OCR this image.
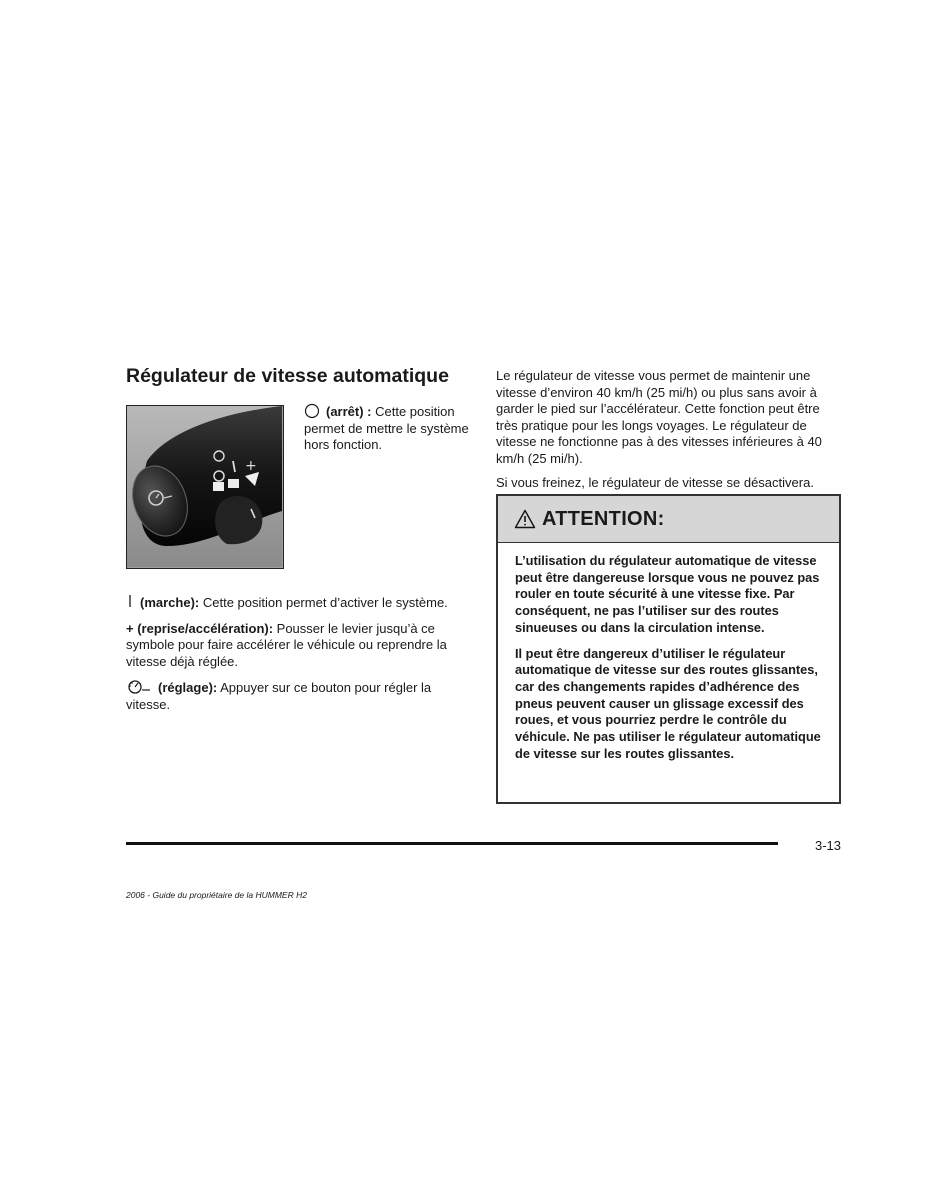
Régulateur de vitesse automatique
+

(arrêt) : Cette position permet de mettre le système hors fonction.

(marche): Cette position permet d’activer le système.

+ (reprise/accélération): Pousser le levier jusqu’à ce symbole pour faire accélérer le véhicule ou reprendre la vitesse déjà réglée.

(réglage): Appuyer sur ce bouton pour régler la vitesse.

Le régulateur de vitesse vous permet de maintenir une vitesse d’environ 40 km/h (25 mi/h) ou plus sans avoir à garder le pied sur l’accélérateur. Cette fonction peut être très pratique pour les longs voyages. Le régulateur de vitesse ne fonctionne pas à des vitesses inférieures à 40 km/h (25 mi/h).

Si vous freinez, le régulateur de vitesse se désactivera.

ATTENTION:

L’utilisation du régulateur automatique de vitesse peut être dangereuse lorsque vous ne pouvez pas rouler en toute sécurité à une vitesse fixe. Par conséquent, ne pas l’utiliser sur des routes sinueuses ou dans la circulation intense.

Il peut être dangereux d’utiliser le régulateur automatique de vitesse sur des routes glissantes, car des changements rapides d’adhérence des pneus peuvent causer un glissage excessif des roues, et vous pourriez perdre le contrôle du véhicule. Ne pas utiliser le régulateur automatique de vitesse sur les routes glissantes.

3-13
2006 - Guide du propriétaire de la HUMMER H2
